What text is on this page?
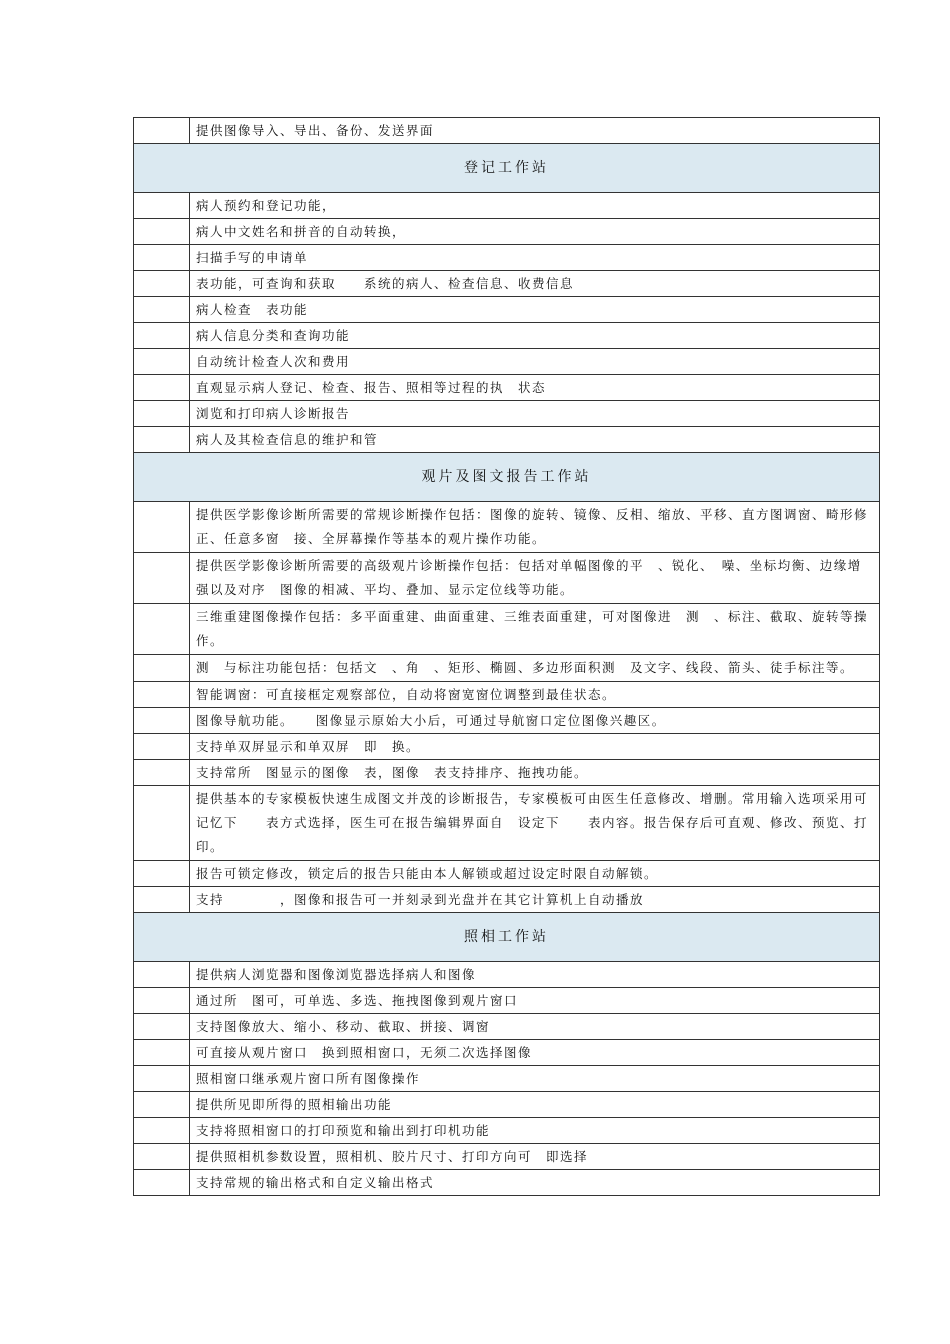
	提供图像导入、导出、备份、发送界面
登记工作站	
	病人预约和登记功能，
	病人中文姓名和拼音的自动转换，
	扫描手写的申请单
	表功能，可查询和获取　　系统的病人、检查信息、收费信息
	病人检查　表功能
	病人信息分类和查询功能
	自动统计检查人次和费用
	直观显示病人登记、检查、报告、照相等过程的执　状态
	浏览和打印病人诊断报告
	病人及其检查信息的维护和管
观片及图文报告工作站	
	提供医学影像诊断所需要的常规诊断操作包括：图像的旋转、镜像、反相、缩放、平移、直方图调窗、畸形修正、任意多窗　接、全屏幕操作等基本的观片操作功能。
	提供医学影像诊断所需要的高级观片诊断操作包括：包括对单幅图像的平　、锐化、　噪、坐标均衡、边缘增强以及对序　图像的相减、平均、叠加、显示定位线等功能。
	三维重建图像操作包括：多平面重建、曲面重建、三维表面重建，可对图像进　测　、标注、截取、旋转等操作。
	测　与标注功能包括：包括文　、角　、矩形、椭圆、多边形面积测　及文字、线段、箭头、徒手标注等。
	智能调窗：可直接框定观察部位，自动将窗宽窗位调整到最佳状态。
	图像导航功能。　　图像显示原始大小后，可通过导航窗口定位图像兴趣区。
	支持单双屏显示和单双屏　即　换。
	支持常所　图显示的图像　表，图像　表支持排序、拖拽功能。
	提供基本的专家模板快速生成图文并茂的诊断报告，专家模板可由医生任意修改、增删。常用输入选项采用可记忆下　　表方式选择，医生可在报告编辑界面自　设定下　　表内容。报告保存后可直观、修改、预览、打印。
	报告可锁定修改，锁定后的报告只能由本人解锁或超过设定时限自动解锁。
	支持　　　　，图像和报告可一并刻录到光盘并在其它计算机上自动播放
照相工作站	
	提供病人浏览器和图像浏览器选择病人和图像
	通过所　图可，可单选、多选、拖拽图像到观片窗口
	支持图像放大、缩小、移动、截取、拼接、调窗
	可直接从观片窗口　换到照相窗口，无须二次选择图像
	照相窗口继承观片窗口所有图像操作
	提供所见即所得的照相输出功能
	支持将照相窗口的打印预览和输出到打印机功能
	提供照相机参数设置，照相机、胶片尺寸、打印方向可　即选择
	支持常规的输出格式和自定义输出格式
